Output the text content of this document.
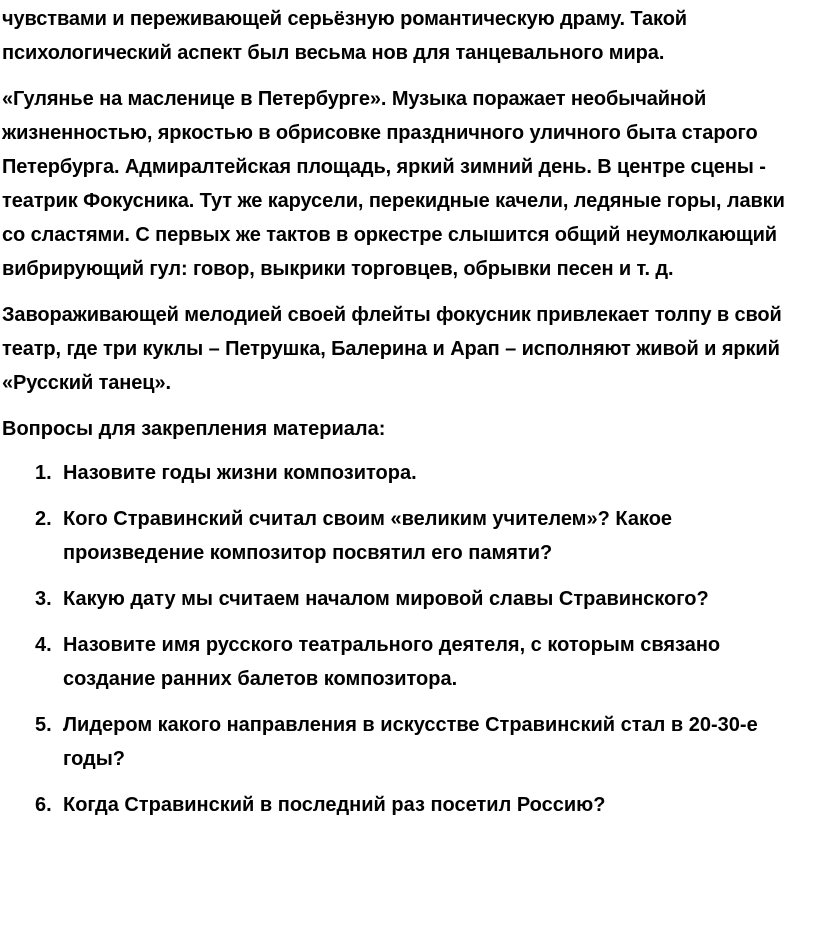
чувствами и переживающей серьёзную романтическую драму. Такой психологический аспект был весьма нов для танцевального мира.

«Гулянье на масленице в Петербурге». Музыка поражает необычайной жизненностью, яркостью в обрисовке праздничного уличного быта старого Петербурга. Адмиралтейская площадь, яркий зимний день. В центре сцены - театрик Фокусника. Тут же карусели, перекидные качели, ледяные горы, лавки со сластями. С первых же тактов в оркестре слышится общий неумолкающий вибрирующий гул: говор, выкрики торговцев, обрывки песен и т. д.

Завораживающей мелодией своей флейты фокусник привлекает толпу в свой театр, где три куклы – Петрушка, Балерина и Арап – исполняют живой и яркий «Русский танец».

Вопросы для закрепления материала:
1. Назовите годы жизни композитора.
2. Кого Стравинский считал своим «великим учителем»? Какое произведение композитор посвятил его памяти?
3. Какую дату мы считаем началом мировой славы Стравинского?
4. Назовите имя русского театрального деятеля, с которым связано создание ранних балетов композитора.
5. Лидером какого направления в искусстве Стравинский стал в 20-30-е годы?
6. Когда Стравинский в последний раз посетил Россию?
